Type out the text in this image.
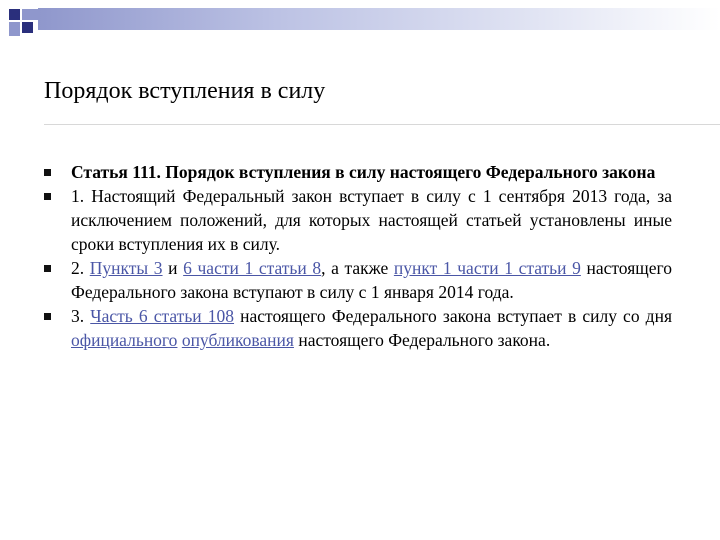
Порядок вступления в силу
Статья 111. Порядок вступления в силу настоящего Федерального закона
1. Настоящий Федеральный закон вступает в силу с 1 сентября 2013 года, за исключением положений, для которых настоящей статьей установлены иные сроки вступления их в силу.
2. Пункты 3 и 6 части 1 статьи 8, а также пункт 1 части 1 статьи 9 настоящего Федерального закона вступают в силу с 1 января 2014 года.
3. Часть 6 статьи 108 настоящего Федерального закона вступает в силу со дня официального опубликования настоящего Федерального закона.
